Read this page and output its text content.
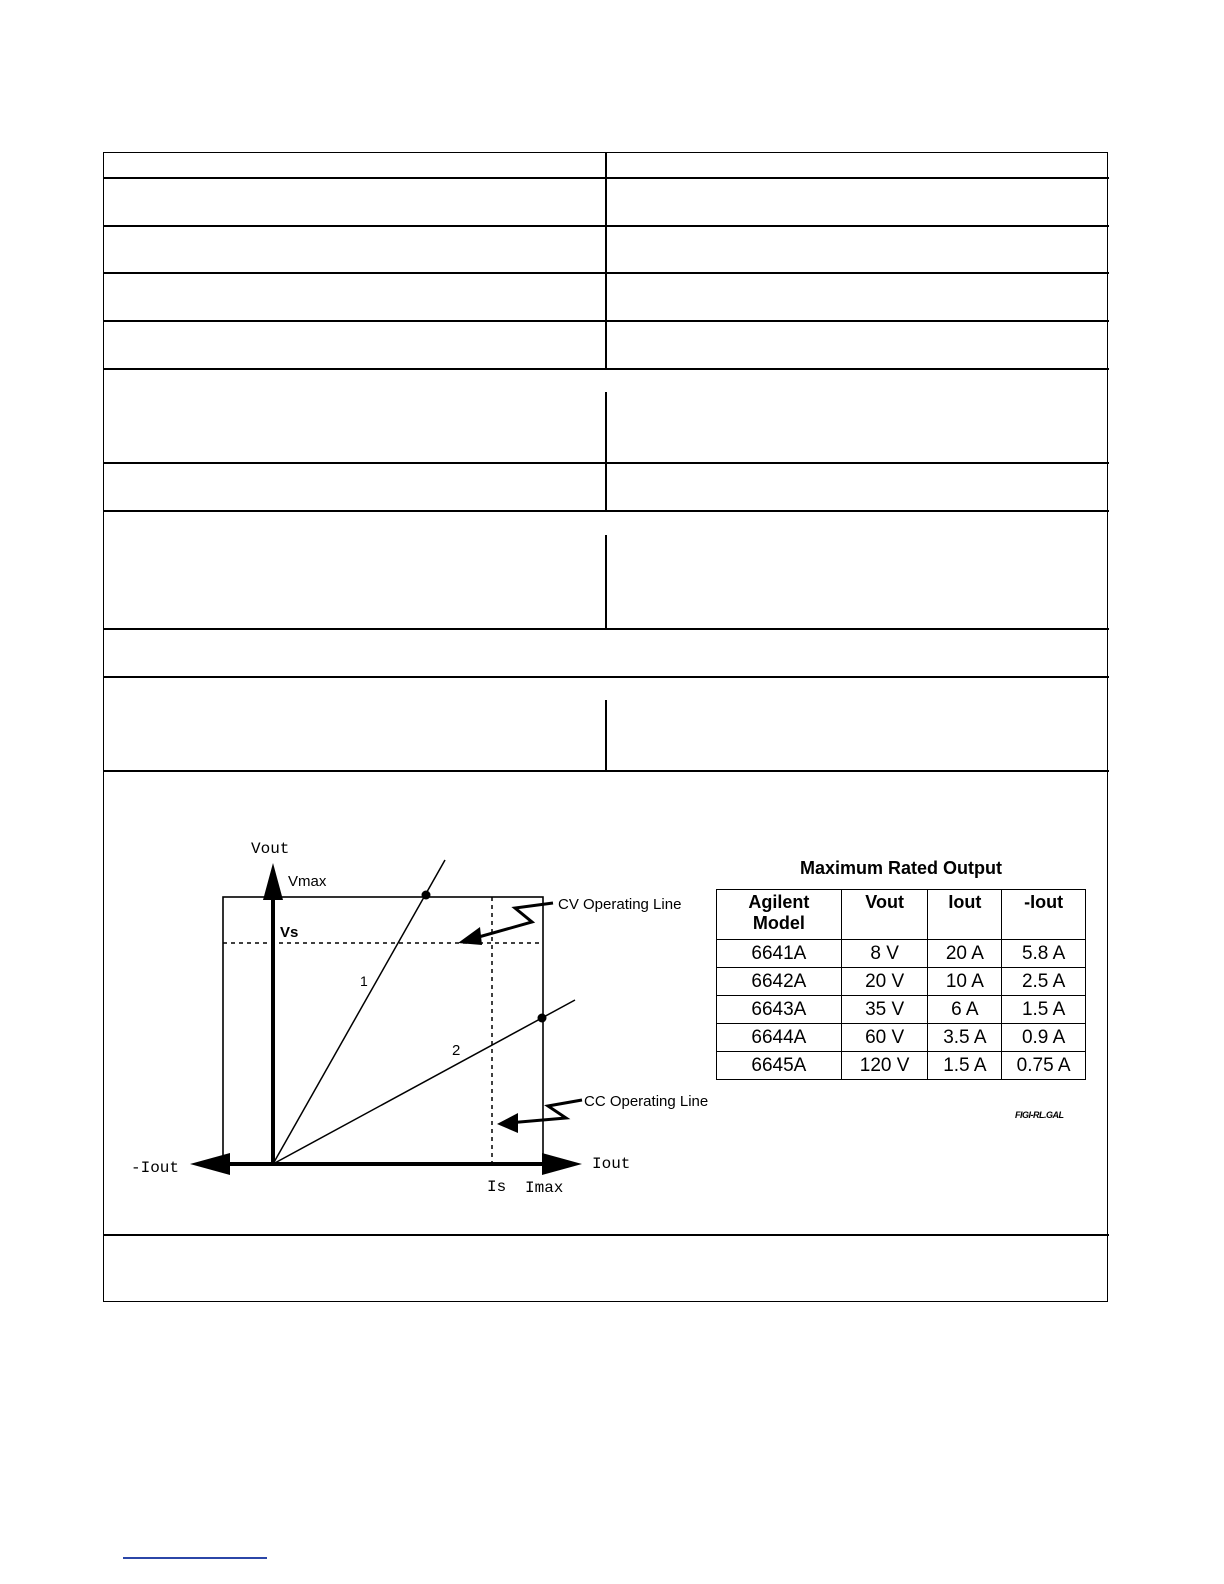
Vout
Vmax
Vs
CV Operating Line
1
2
CC Operating Line
-Iout	Iout
Is Imax
Maximum Rated Output
Agilent Model	Vout	Iout	-Iout
6641A	8 V	20 A	5.8 A
6642A	20 V	10 A	2.5 A
6643A	35 V	6 A	1.5 A
6644A	60 V	3.5 A	0.9 A
6645A	120 V	1.5 A	0.75 A
FIGI-RL.GAL
